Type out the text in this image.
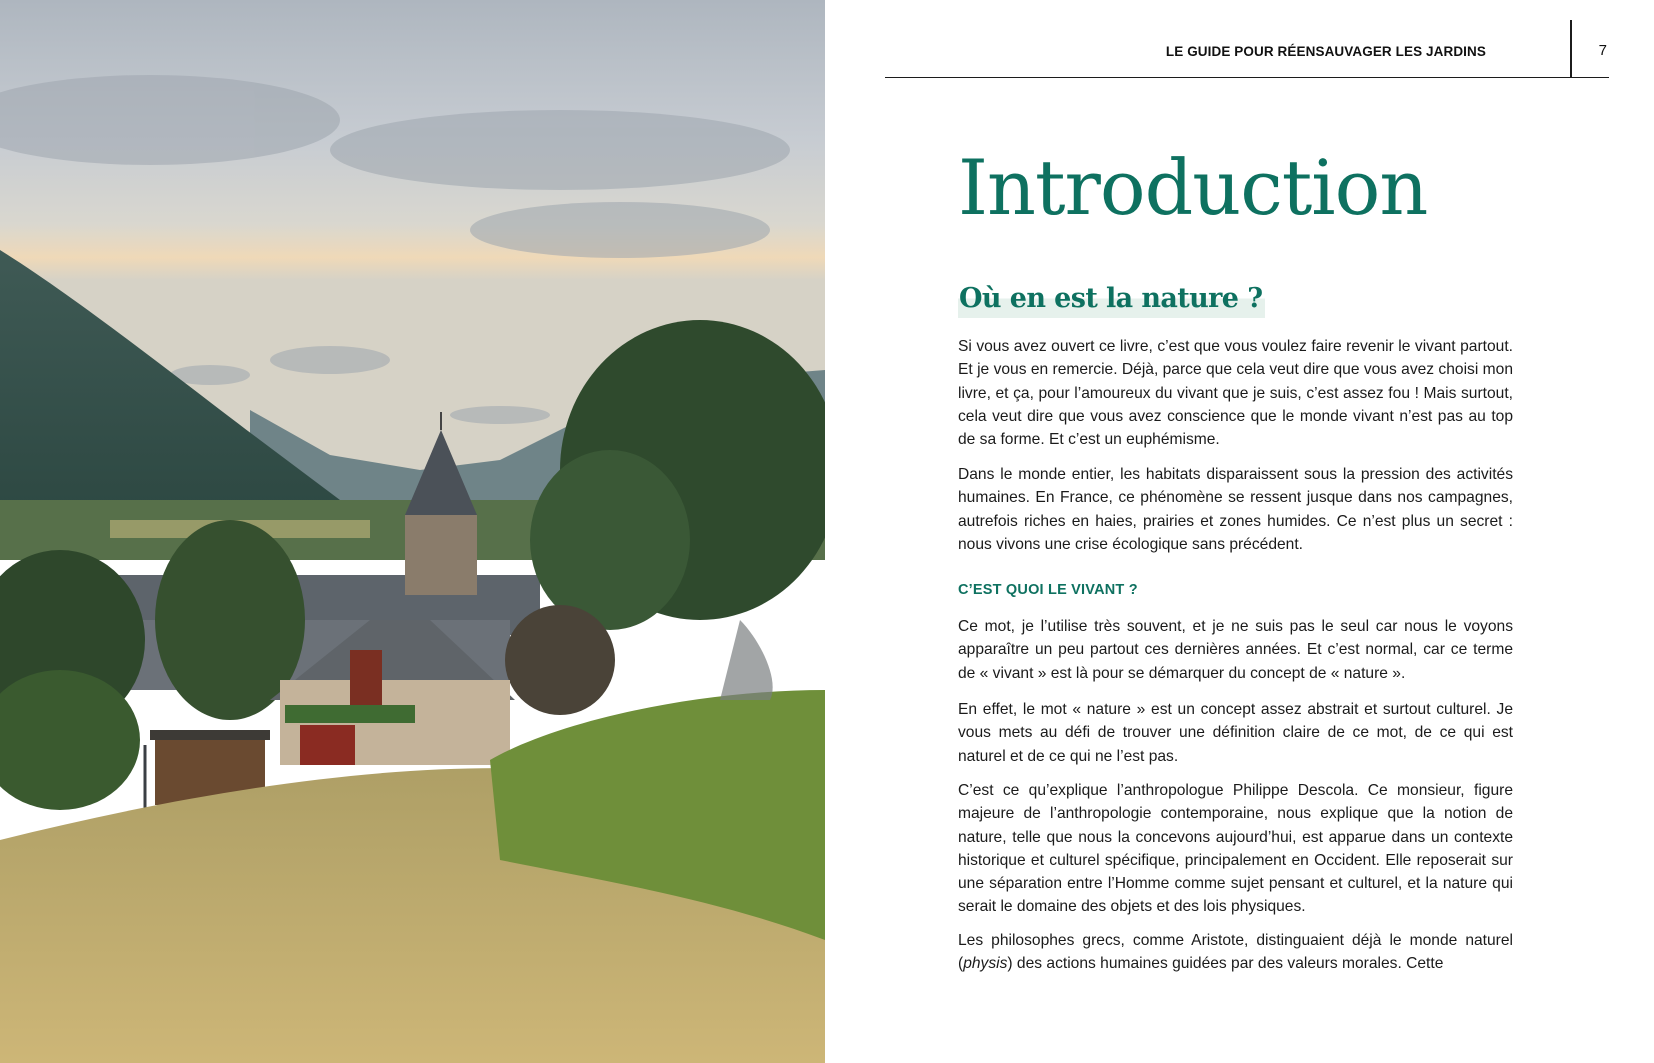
LE GUIDE POUR RÉENSAUVAGER LES JARDINS	7
Introduction
Où en est la nature ?

Si vous avez ouvert ce livre, c’est que vous voulez faire revenir le vivant partout. Et je vous en remercie. Déjà, parce que cela veut dire que vous avez choisi mon livre, et ça, pour l’amoureux du vivant que je suis, c’est assez fou ! Mais surtout, cela veut dire que vous avez conscience que le monde vivant n’est pas au top de sa forme. Et c’est un euphémisme.

Dans le monde entier, les habitats disparaissent sous la pression des activités humaines. En France, ce phénomène se ressent jusque dans nos campagnes, autrefois riches en haies, prairies et zones humides. Ce n’est plus un secret : nous vivons une crise écologique sans précédent.

C’EST QUOI LE VIVANT ?

Ce mot, je l’utilise très souvent, et je ne suis pas le seul car nous le voyons apparaître un peu partout ces dernières années. Et c’est normal, car ce terme de « vivant » est là pour se démarquer du concept de « nature ».

En effet, le mot « nature » est un concept assez abstrait et surtout culturel. Je vous mets au défi de trouver une définition claire de ce mot, de ce qui est naturel et de ce qui ne l’est pas.

C’est ce qu’explique l’anthropologue Philippe Descola. Ce monsieur, figure majeure de l’anthropologie contemporaine, nous explique que la notion de nature, telle que nous la concevons aujourd’hui, est apparue dans un contexte historique et culturel spécifique, principalement en Occident. Elle reposerait sur une séparation entre l’Homme comme sujet pensant et culturel, et la nature qui serait le domaine des objets et des lois physiques.

Les philosophes grecs, comme Aristote, distinguaient déjà le monde naturel (physis) des actions humaines guidées par des valeurs morales. Cette
